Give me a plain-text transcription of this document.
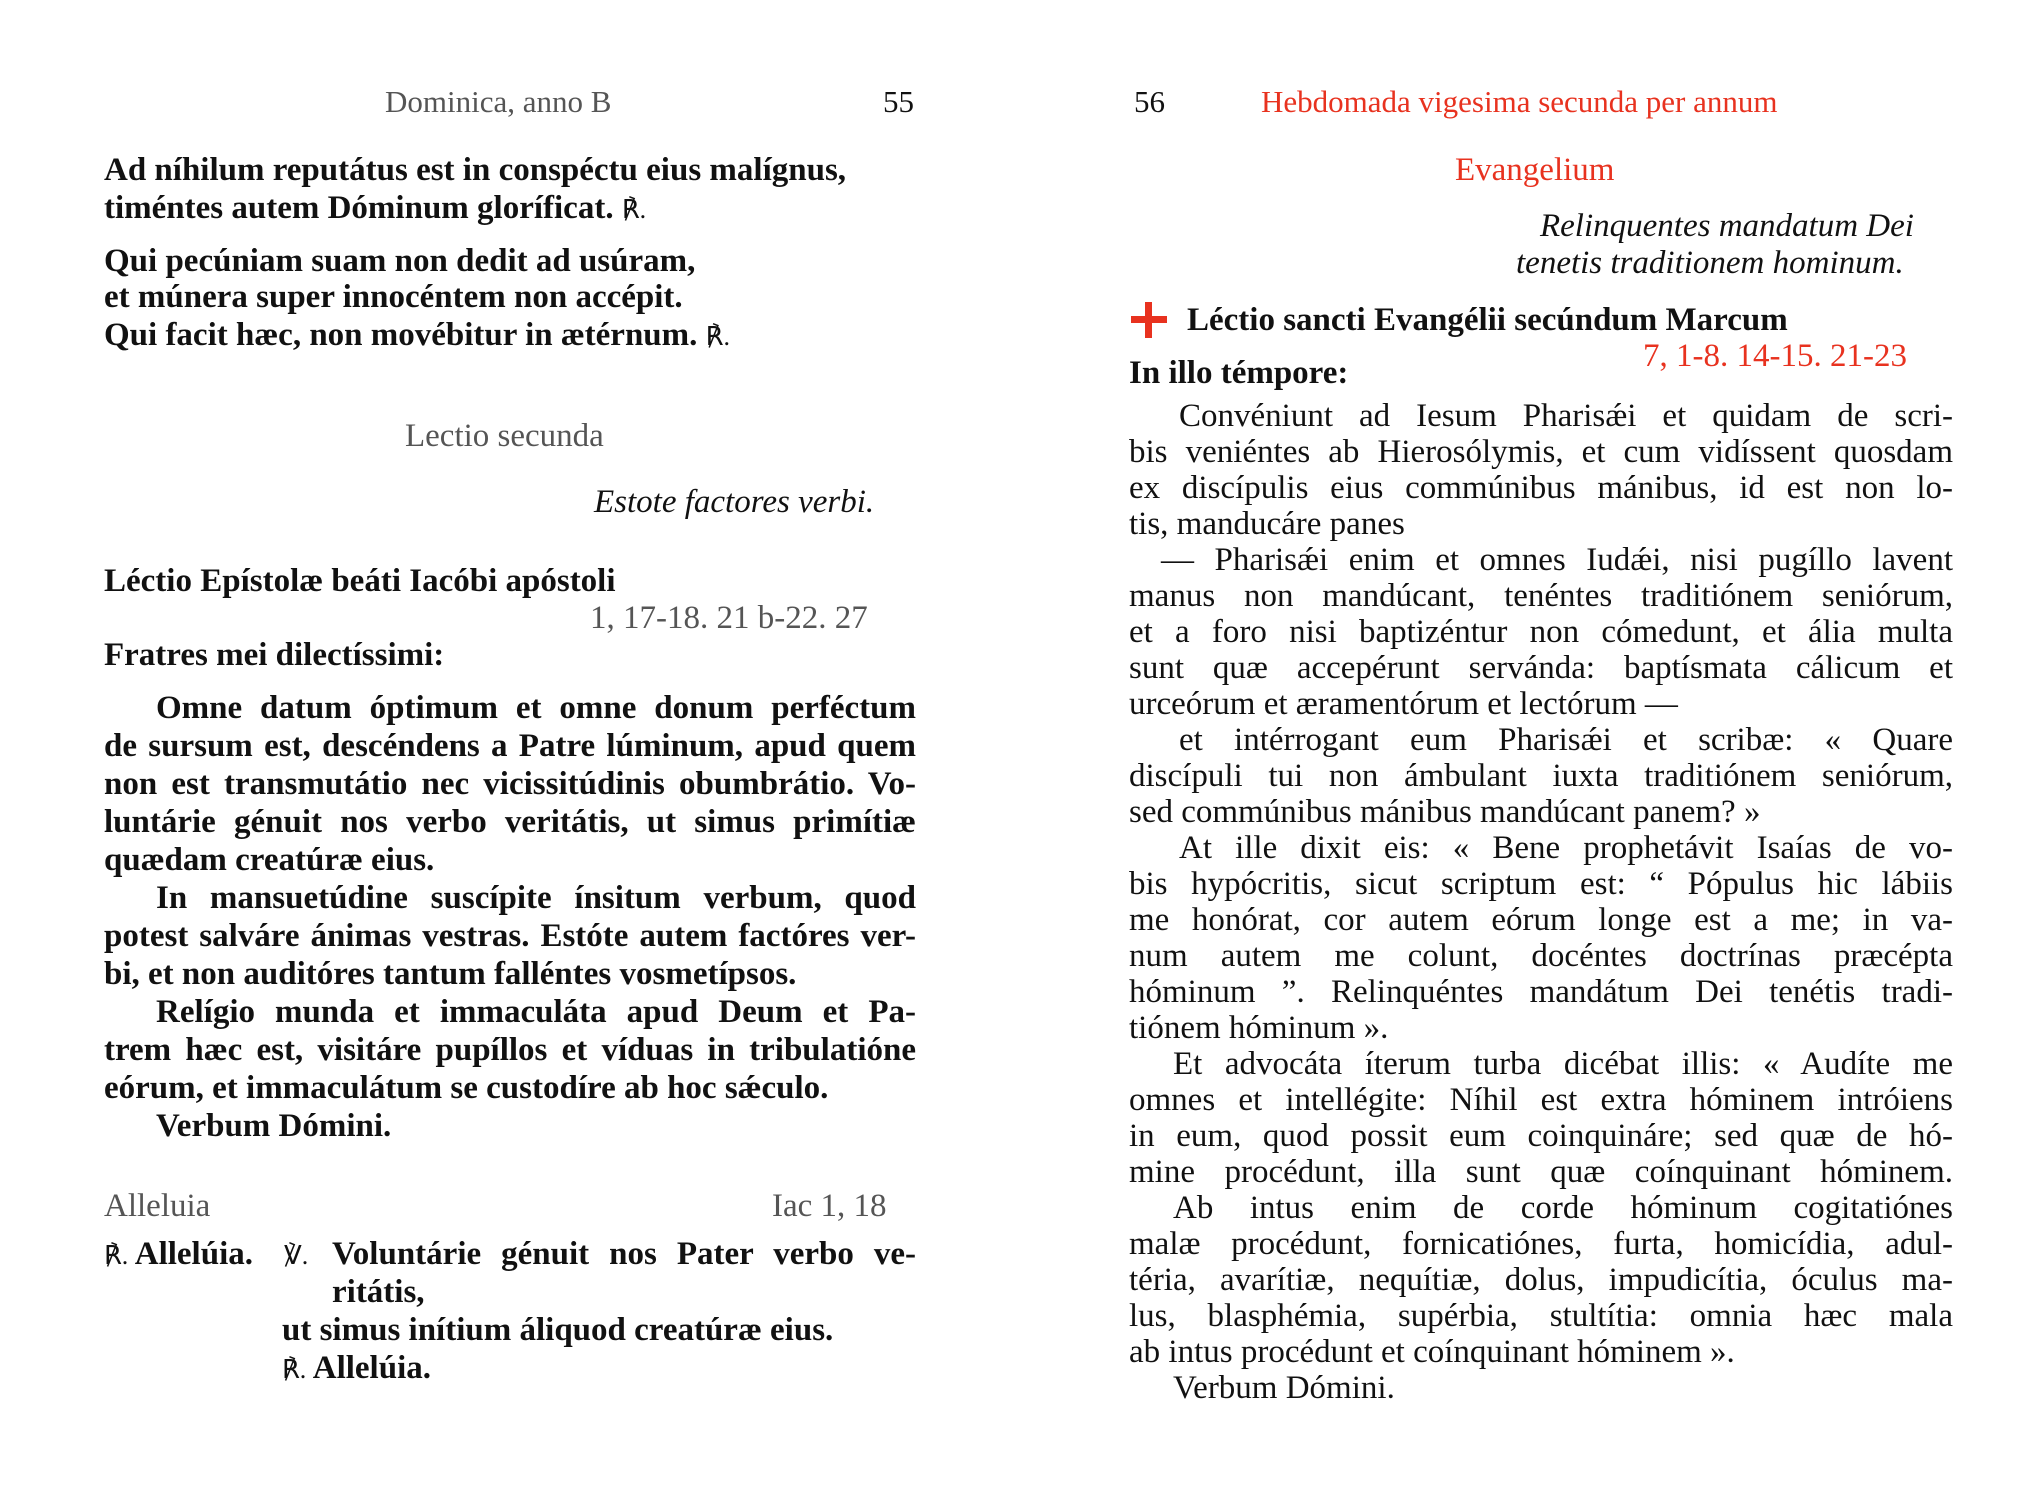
Dominica, anno B	55
Ad níhilum reputátus est in conspéctu eius malígnus,
timéntes autem Dóminum gloríficat. ℟.
Qui pecúniam suam non dedit ad usúram,
et múnera super innocéntem non accépit.
Qui facit hæc, non movébitur in ætérnum. ℟.
Lectio secunda
Estote factores verbi.
Léctio Epístolæ beáti Iacóbi apóstoli
1, 17-18. 21 b-22. 27
Fratres mei dilectíssimi:
Omne datum óptimum et omne donum perféctum
de sursum est, descéndens a Patre lúminum, apud quem
non est transmutátio nec vicissitúdinis obumbrátio. Vo-
luntárie génuit nos verbo veritátis, ut simus primítiæ
quædam creatúræ eius.
In mansuetúdine suscípite ínsitum verbum, quod
potest salváre ánimas vestras. Estóte autem factóres ver-
bi, et non auditóres tantum falléntes vosmetípsos.
Relígio munda et immaculáta apud Deum et Pa-
trem hæc est, visitáre pupíllos et víduas in tribulatióne
eórum, et immaculátum se custodíre ab hoc sǽculo.
Verbum Dómini.
Alleluia	Iac 1, 18
℟. Allelúia. ℣. Voluntárie génuit nos Pater verbo ve-
ritátis,
ut simus inítium áliquod creatúræ eius.
℟. Allelúia.
56	Hebdomada vigesima secunda per annum
Evangelium
Relinquentes mandatum Dei
tenetis traditionem hominum.
Léctio sancti Evangélii secúndum Marcum
7, 1-8. 14-15. 21-23
In illo témpore:
Convéniunt ad Iesum Pharisǽi et quidam de scri-
bis veniéntes ab Hierosólymis, et cum vidíssent quosdam
ex discípulis eius commúnibus mánibus, id est non lo-
tis, manducáre panes
— Pharisǽi enim et omnes Iudǽi, nisi pugíllo lavent
manus non mandúcant, tenéntes traditiónem seniórum,
et a foro nisi baptizéntur non cómedunt, et ália multa
sunt quæ accepérunt servánda: baptísmata cálicum et
urceórum et æramentórum et lectórum —
et intérrogant eum Pharisǽi et scribæ: « Quare
discípuli tui non ámbulant iuxta traditiónem seniórum,
sed commúnibus mánibus mandúcant panem? »
At ille dixit eis: « Bene prophetávit Isaías de vo-
bis hypócritis, sicut scriptum est: “ Pópulus hic lábiis
me honórat, cor autem eórum longe est a me; in va-
num autem me colunt, docéntes doctrínas præcépta
hóminum ”. Relinquéntes mandátum Dei tenétis tradi-
tiónem hóminum ».
Et advocáta íterum turba dicébat illis: « Audíte me
omnes et intellégite: Níhil est extra hóminem intróiens
in eum, quod possit eum coinquináre; sed quæ de hó-
mine procédunt, illa sunt quæ coínquinant hóminem.
Ab intus enim de corde hóminum cogitatiónes
malæ procédunt, fornicatiónes, furta, homicídia, adul-
téria, avarítiæ, nequítiæ, dolus, impudicítia, óculus ma-
lus, blasphémia, supérbia, stultítia: omnia hæc mala
ab intus procédunt et coínquinant hóminem ».
Verbum Dómini.
